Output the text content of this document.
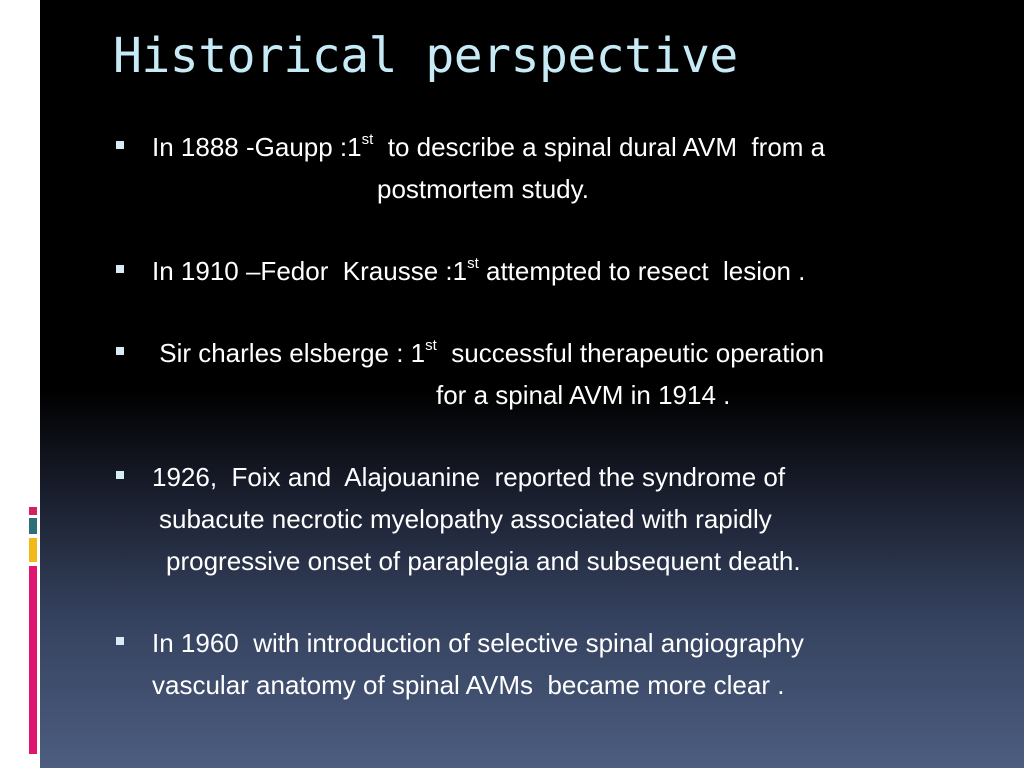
Historical perspective
In 1888 -Gaupp :1st  to describe a spinal dural AVM  from a
postmortem study.
In 1910 –Fedor  Krausse :1st attempted to resect  lesion .
Sir charles elsberge : 1st  successful therapeutic operation
for a spinal AVM in 1914 .
1926,  Foix and  Alajouanine  reported the syndrome of
subacute necrotic myelopathy associated with rapidly
progressive onset of paraplegia and subsequent death.
In 1960  with introduction of selective spinal angiography
vascular anatomy of spinal AVMs  became more clear .
